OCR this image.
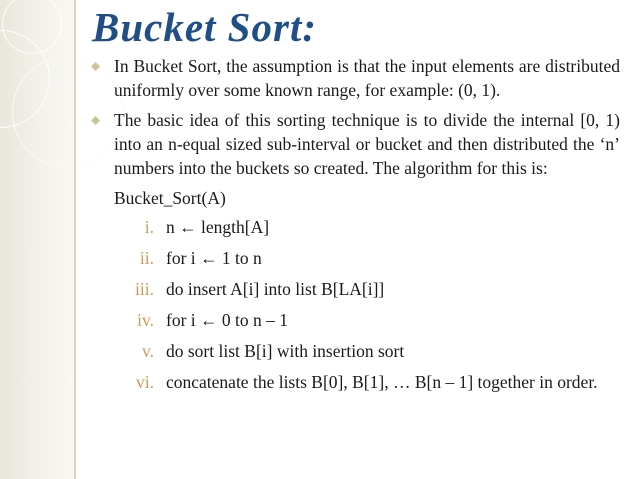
Bucket Sort:
⬥ In Bucket Sort, the assumption is that the input elements are distributed uniformly over some known range, for example: (0, 1).
⬥ The basic idea of this sorting technique is to divide the internal [0, 1) into an n-equal sized sub-interval or bucket and then distributed the ‘n’ numbers into the buckets so created. The algorithm for this is:
Bucket_Sort(A)
i. n ← length[A]
ii. for i ← 1 to n
iii. do insert A[i] into list B[LA[i]]
iv. for i ← 0 to n – 1
v. do sort list B[i] with insertion sort
vi. concatenate the lists B[0], B[1], … B[n – 1] together in order.
